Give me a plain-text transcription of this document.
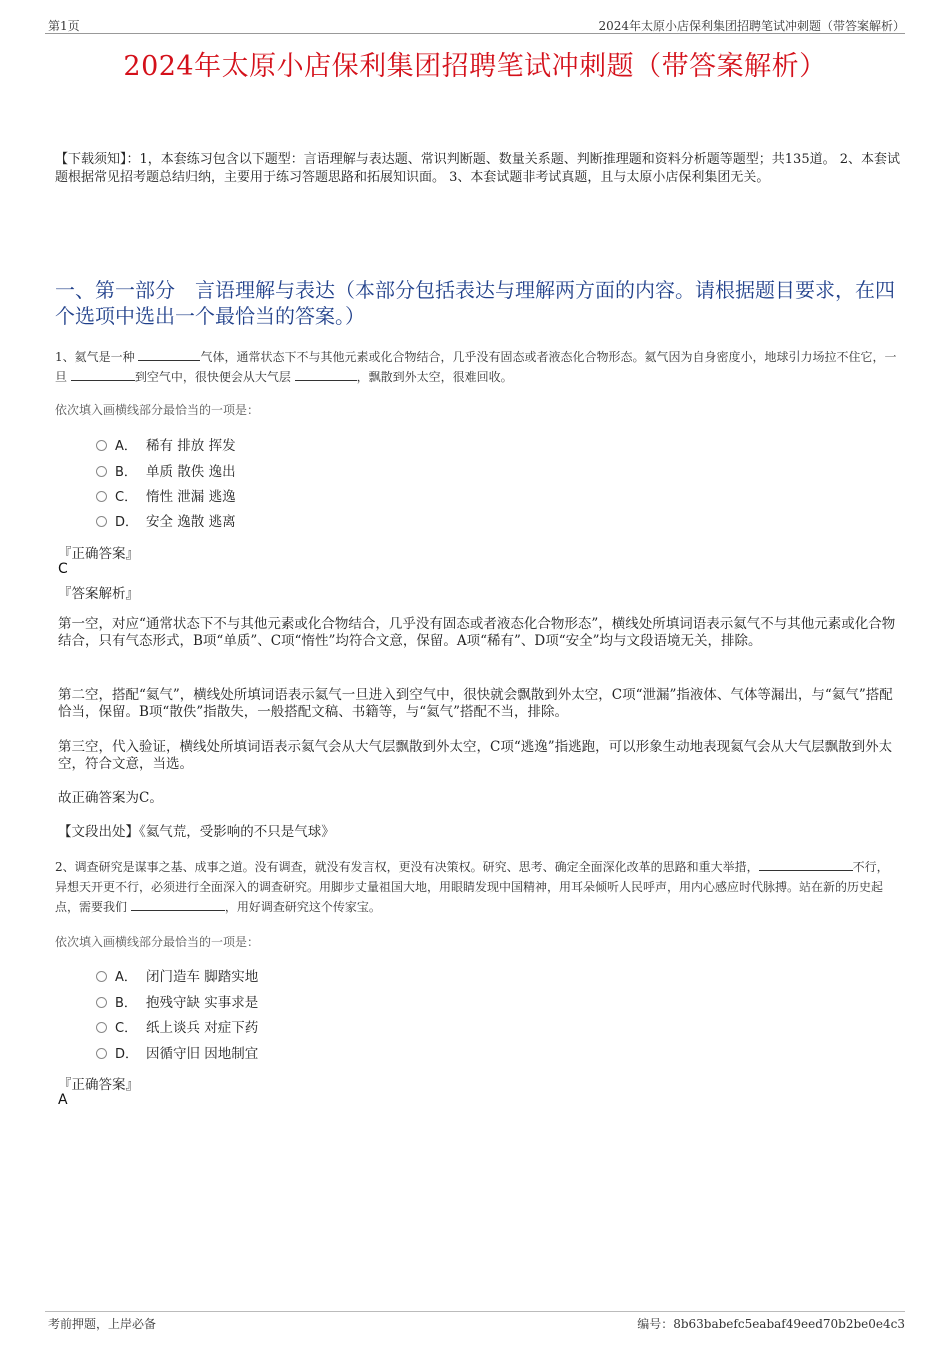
第1页	2024年太原小店保利集团招聘笔试冲刺题（带答案解析）
2024年太原小店保利集团招聘笔试冲刺题（带答案解析）
【下载须知】：1，本套练习包含以下题型：言语理解与表达题、常识判断题、数量关系题、判断推理题和资料分析题等题型；共135道。 2、本套试题根据常见招考题总结归纳，主要用于练习答题思路和拓展知识面。 3、本套试题非考试真题，且与太原小店保利集团无关。
一、第一部分　言语理解与表达（本部分包括表达与理解两方面的内容。请根据题目要求，在四个选项中选出一个最恰当的答案。）
1、氦气是一种	气体，通常状态下不与其他元素或化合物结合，几乎没有固态或者液态化合物形态。氦气因为自身密度小，地球引力场拉不住它，一旦	到空气中，很快便会从大气层	，飘散到外太空，很难回收。
依次填入画横线部分最恰当的一项是：
A． 稀有 排放 挥发
B． 单质 散佚 逸出
C． 惰性 泄漏 逃逸
D． 安全 逸散 逃离
『正确答案』
C
『答案解析』
第一空，对应“通常状态下不与其他元素或化合物结合，几乎没有固态或者液态化合物形态”，横线处所填词语表示氦气不与其他元素或化合物结合，只有气态形式，B项“单质”、C项“惰性”均符合文意，保留。A项“稀有”、D项“安全”均与文段语境无关，排除。
第二空，搭配“氦气”，横线处所填词语表示氦气一旦进入到空气中，很快就会飘散到外太空，C项“泄漏”指液体、气体等漏出，与“氦气”搭配恰当，保留。B项“散佚”指散失，一般搭配文稿、书籍等，与“氦气”搭配不当，排除。
第三空，代入验证，横线处所填词语表示氦气会从大气层飘散到外太空，C项“逃逸”指逃跑，可以形象生动地表现氦气会从大气层飘散到外太空，符合文意，当选。
故正确答案为C。
【文段出处】《氦气荒，受影响的不只是气球》
2、调查研究是谋事之基、成事之道。没有调查，就没有发言权，更没有决策权。研究、思考、确定全面深化改革的思路和重大举措，	不行，异想天开更不行，必须进行全面深入的调查研究。用脚步丈量祖国大地，用眼睛发现中国精神，用耳朵倾听人民呼声，用内心感应时代脉搏。站在新的历史起点，需要我们	，用好调查研究这个传家宝。
依次填入画横线部分最恰当的一项是：
A． 闭门造车 脚踏实地
B． 抱残守缺 实事求是
C． 纸上谈兵 对症下药
D． 因循守旧 因地制宜
『正确答案』
A
考前押题，上岸必备	编号：8b63babefc5eabaf49eed70b2be0e4c3
